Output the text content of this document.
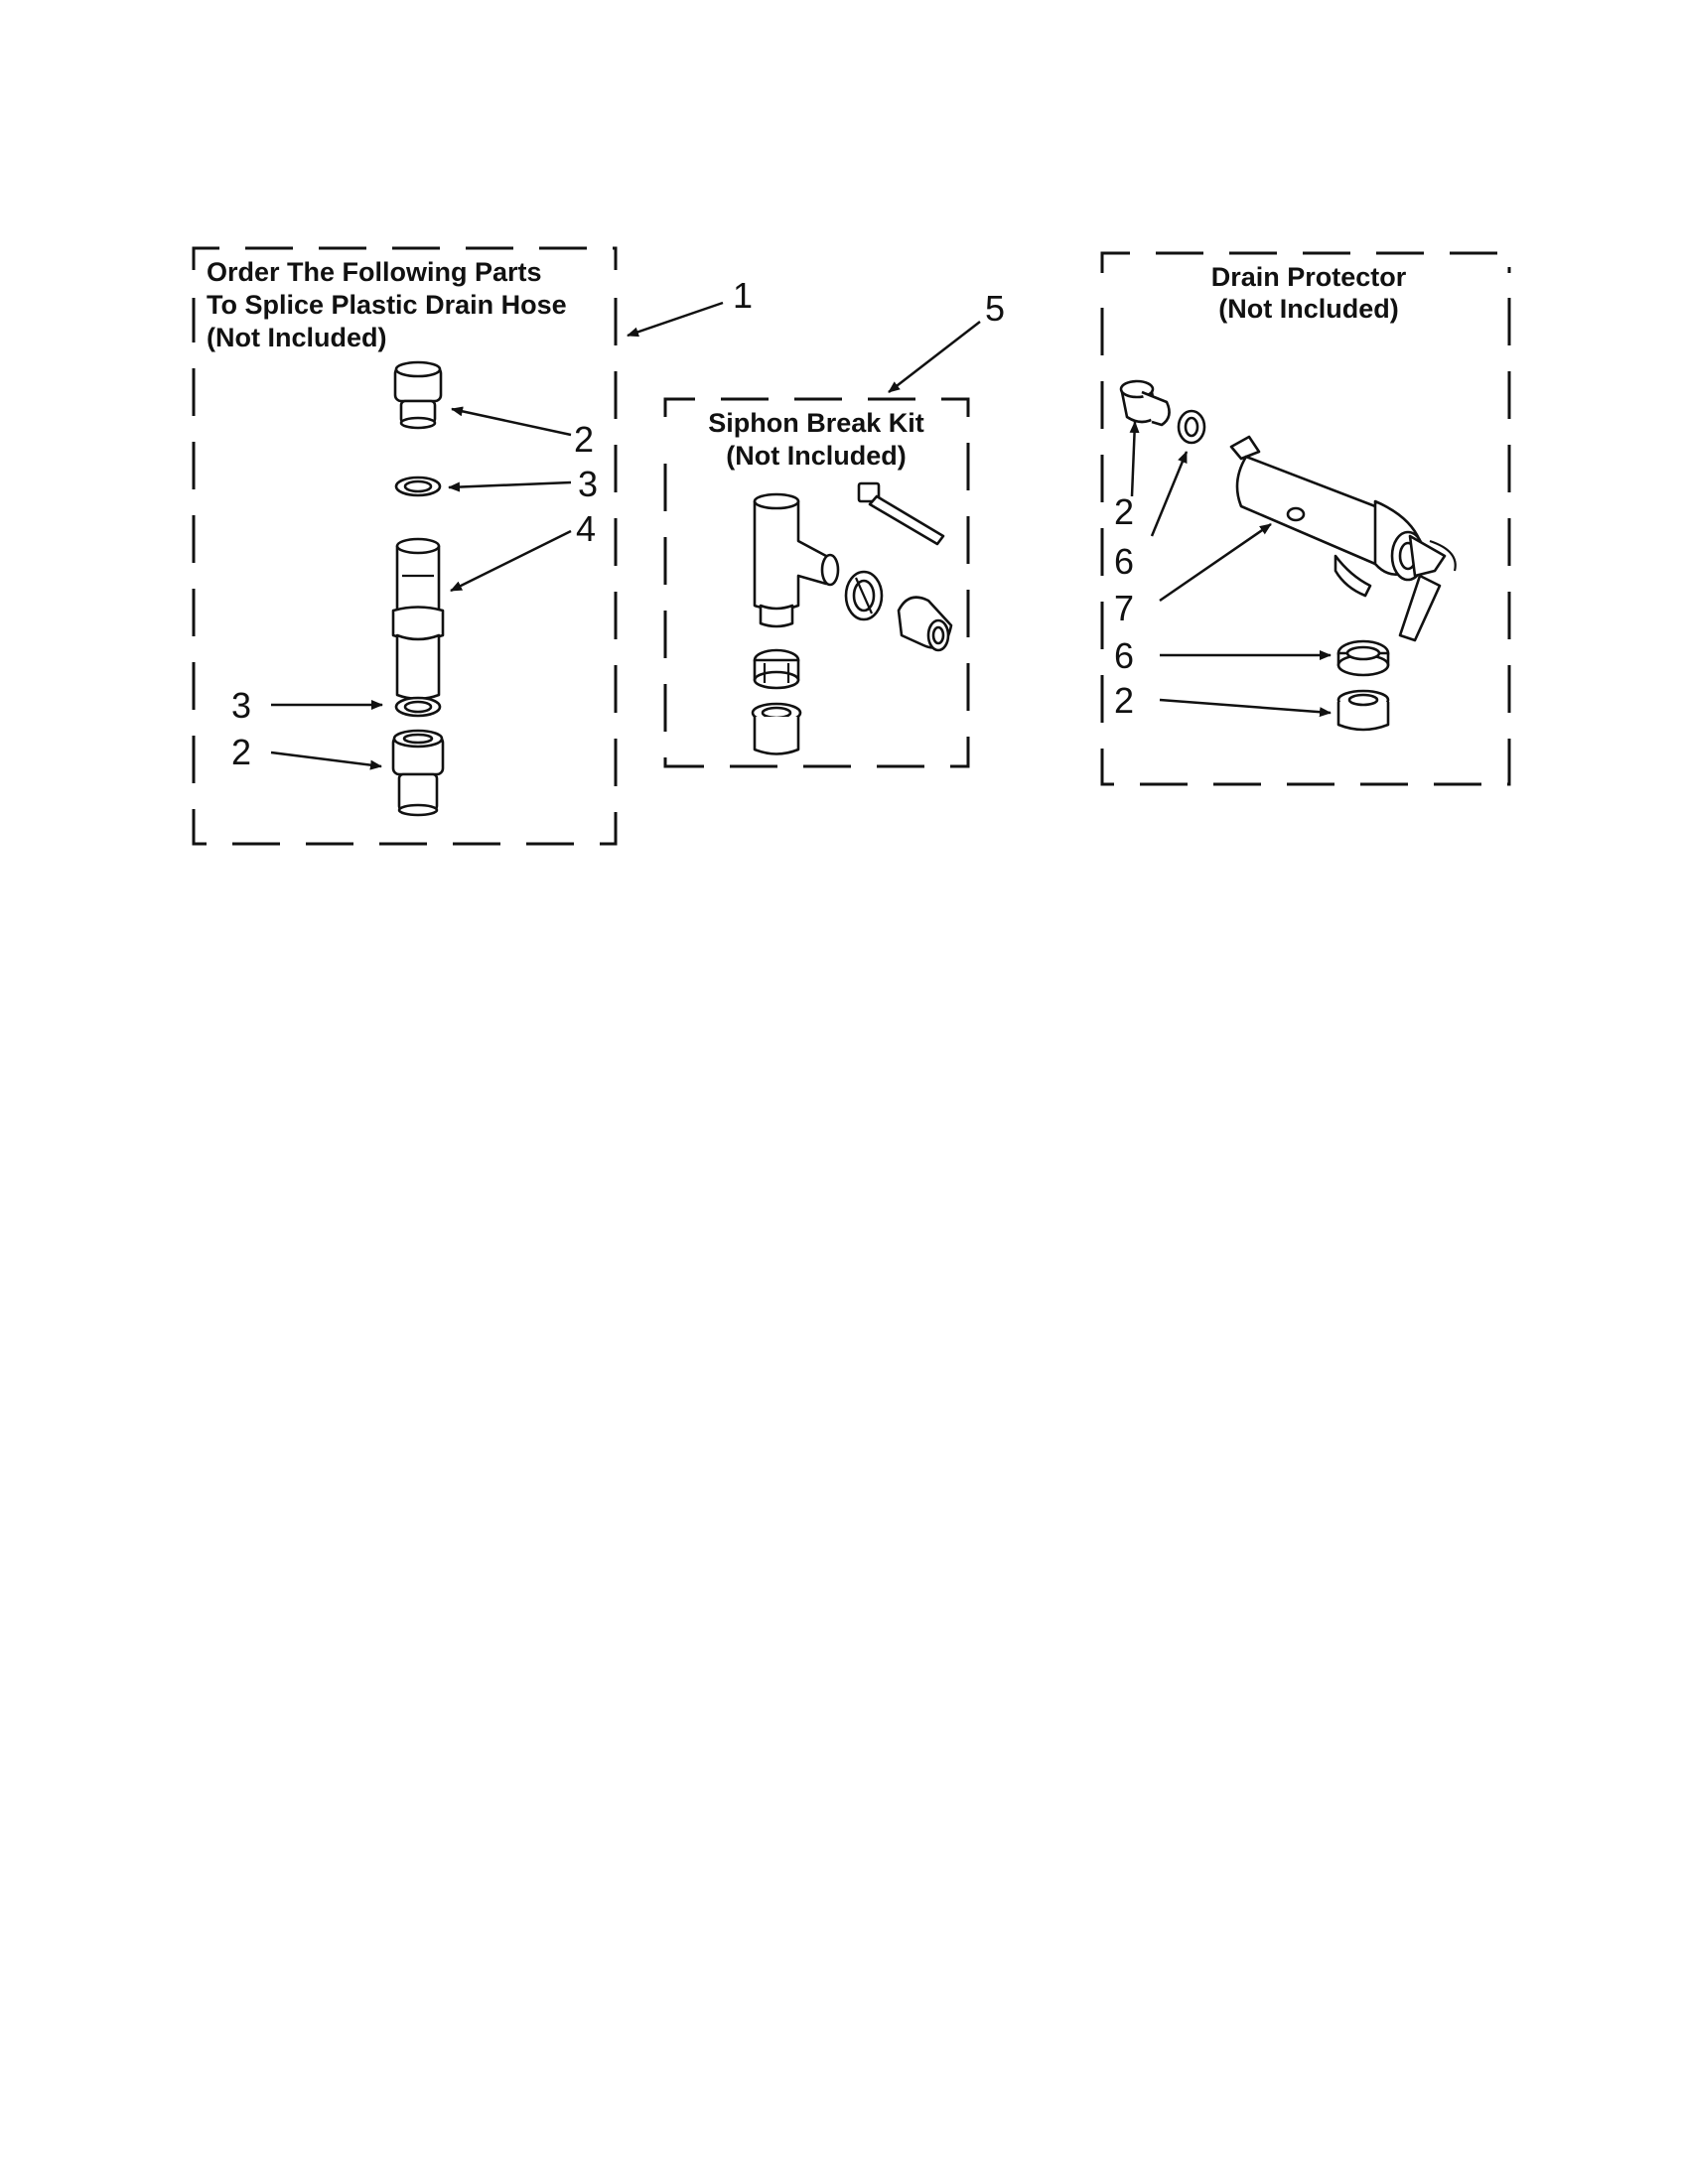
Order The Following Parts
To Splice Plastic Drain Hose
(Not Included)
2
3
4
3
2
1
Siphon Break Kit
(Not Included)
5
Drain Protector
(Not Included)
2
6
7
6
2
